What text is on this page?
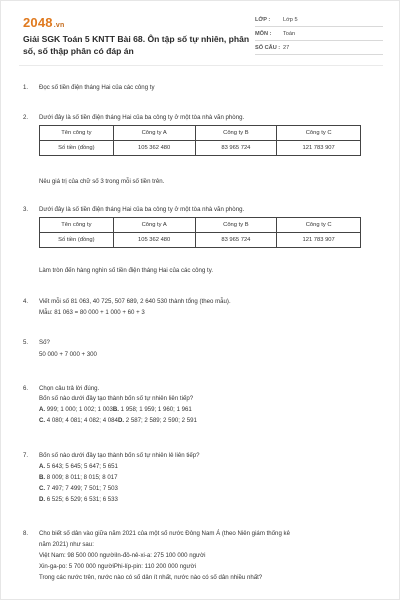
2048.vn
Giải SGK Toán 5 KNTT Bài 68. Ôn tập số tự nhiên, phân số, số thập phân có đáp án
LỚP :	Lớp 5
MÔN :	Toán
SỐ CÂU : 27
1. Đọc số tiền điện tháng Hai của các công ty
2. Dưới đây là số tiền điện tháng Hai của ba công ty ở một tòa nhà văn phòng.
Tên công ty	Công ty A	Công ty B	Công ty C
Số tiền (đồng)	105 362 480	83 965 724	121 783 907
Nêu giá trị của chữ số 3 trong mỗi số tiền trên.
3. Dưới đây là số tiền điện tháng Hai của ba công ty ở một tòa nhà văn phòng.
Tên công ty	Công ty A	Công ty B	Công ty C
Số tiền (đồng)	105 362 480	83 965 724	121 783 907
Làm tròn đến hàng nghìn số tiền điện tháng Hai của các công ty.
4. Viết mỗi số 81 063, 40 725, 507 689, 2 640 530 thành tổng (theo mẫu).
Mẫu: 81 063 = 80 000 + 1 000 + 60 + 3
5. Số?
50 000 + 7 000 + 300
6. Chọn câu trả lời đúng.
Bốn số nào dưới đây tạo thành bốn số tự nhiên liên tiếp?
A. 999; 1 000; 1 002; 1 003B. 1 958; 1 959; 1 960; 1 961
C. 4 080; 4 081; 4 082; 4 084D. 2 587; 2 589; 2 590; 2 591
7. Bốn số nào dưới đây tạo thành bốn số tự nhiên lẻ liên tiếp?
A. 5 643; 5 645; 5 647; 5 651
B. 8 009; 8 011; 8 015; 8 017
C. 7 497; 7 499; 7 501; 7 503
D. 6 525; 6 529; 6 531; 6 533
8. Cho biết số dân vào giữa năm 2021 của một số nước Đông Nam Á (theo Niên giám thống kê
năm 2021) như sau:
Việt Nam: 98 500 000 ngườiIn-đô-nê-xi-a: 275 100 000 người
Xin-ga-po: 5 700 000 ngườiPhi-líp-pin: 110 200 000 người
Trong các nước trên, nước nào có số dân ít nhất, nước nào có số dân nhiều nhất?
